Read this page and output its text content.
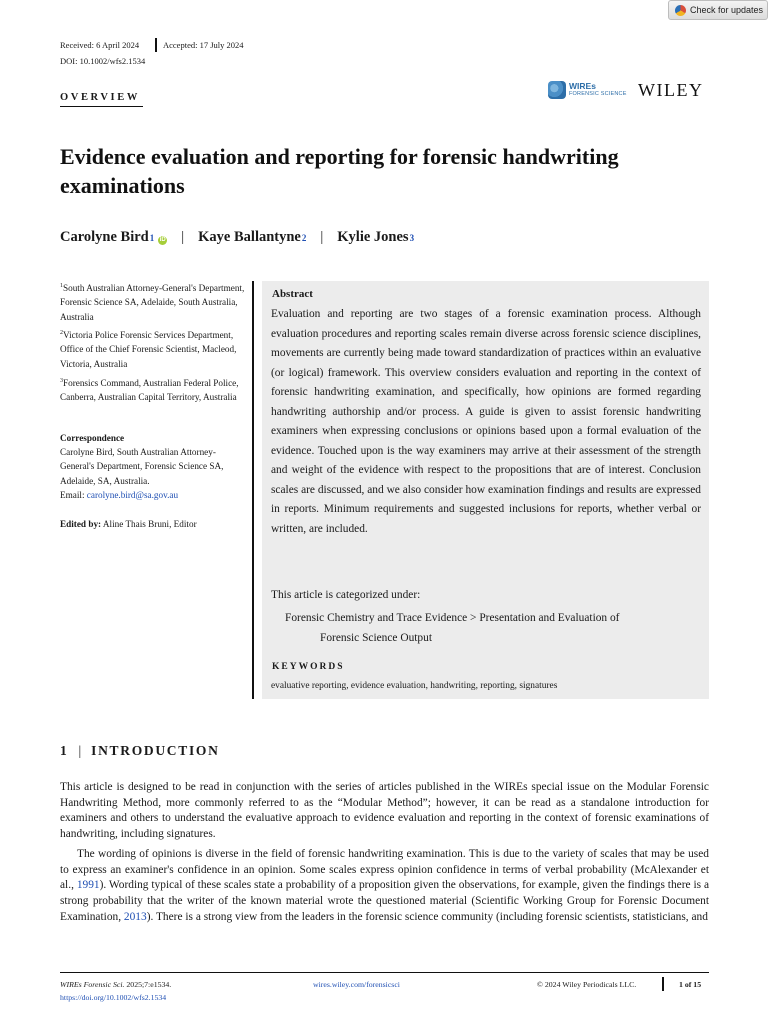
Check for updates
Received: 6 April 2024	Accepted: 17 July 2024
DOI: 10.1002/wfs2.1534
OVERVIEW
WIREs
FORENSIC SCIENCE WILEY
Evidence evaluation and reporting for forensic handwriting examinations
Carolyne Bird 1 iD | Kaye Ballantyne 2 | Kylie Jones 3
$^1$South Australian Attorney-General's Department, Forensic Science SA, Adelaide, South Australia, Australia
$^2$Victoria Police Forensic Services Department, Office of the Chief Forensic Scientist, Macleod, Victoria, Australia
$^3$Forensics Command, Australian Federal Police, Canberra, Australian Capital Territory, Australia
Correspondence
Carolyne Bird, South Australian Attorney-General's Department, Forensic Science SA, Adelaide, SA, Australia.
Email: carolyne.bird@sa.gov.au
Edited by: Aline Thais Bruni, Editor
Abstract
Evaluation and reporting are two stages of a forensic examination process. Although evaluation procedures and reporting scales remain diverse across forensic science disciplines, movements are currently being made toward standardization of practices within an evaluative (or logical) framework. This overview considers evaluation and reporting in the context of forensic handwriting examination, and specifically, how opinions are formed regarding handwriting authorship and/or process. A guide is given to assist forensic handwriting examiners when expressing conclusions or opinions based upon a formal evaluation of the evidence. Touched upon is the way examiners may arrive at their assessment of the strength and weight of the evidence with respect to the propositions that are of interest. Conclusion scales are discussed, and we also consider how examination findings and results are expressed in reports. Minimum requirements and suggested inclusions for reports, whether verbal or written, are included.
This article is categorized under:
Forensic Chemistry and Trace Evidence > Presentation and Evaluation of
Forensic Science Output
KEYWORDS
evaluative reporting, evidence evaluation, handwriting, reporting, signatures
1 | INTRODUCTION
This article is designed to be read in conjunction with the series of articles published in the WIREs special issue on the Modular Forensic Handwriting Method, more commonly referred to as the “Modular Method”; however, it can be read as a standalone introduction for examiners and others to understand the evaluative approach to evidence evaluation and reporting in the context of forensic examinations of handwriting, including signatures.
The wording of opinions is diverse in the field of forensic handwriting examination. This is due to the variety of scales that may be used to express an examiner's confidence in an opinion. Some scales express opinion confidence in terms of verbal probability (McAlexander et al., 1991). Wording typical of these scales state a probability of a proposition given the observations, for example, given the findings there is a strong probability that the writer of the known material wrote the questioned material (Scientific Working Group for Forensic Document Examination, 2013). There is a strong view from the leaders in the forensic science community (including forensic scientists, statisticians, and
WIREs Forensic Sci. 2025;7:e1534.
https://doi.org/10.1002/wfs2.1534
wires.wiley.com/forensicsci	© 2024 Wiley Periodicals LLC.	1 of 15
